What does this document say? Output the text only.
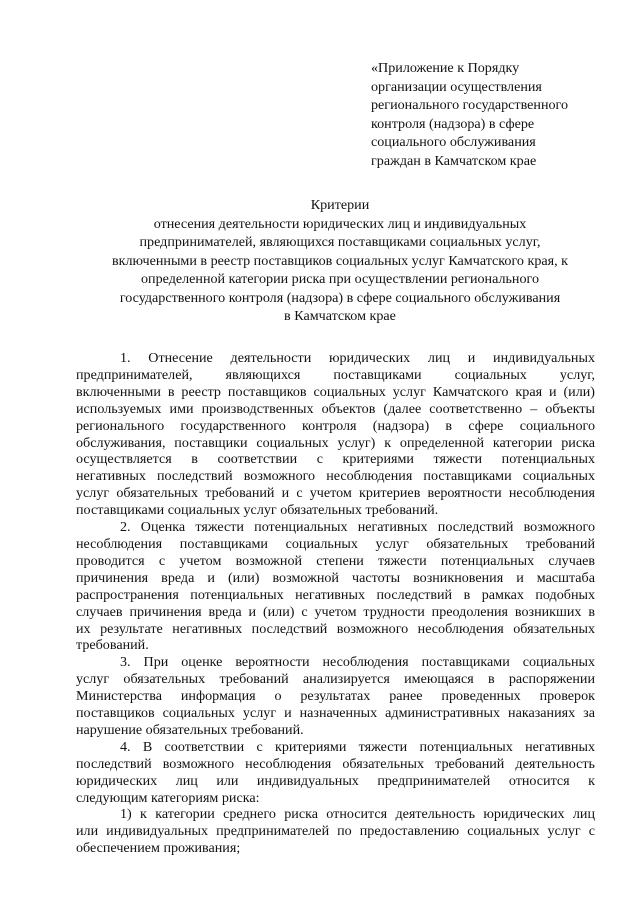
«Приложение к Порядку
организации осуществления
регионального государственного
контроля (надзора) в сфере
социального обслуживания
граждан в Камчатском крае
Критерии
отнесения деятельности юридических лиц и индивидуальных
предпринимателей, являющихся поставщиками социальных услуг,
включенными в реестр поставщиков социальных услуг Камчатского края, к
определенной категории риска при осуществлении регионального
государственного контроля (надзора) в сфере социального обслуживания
в Камчатском крае
1. Отнесение деятельности юридических лиц и индивидуальных
предпринимателей, являющихся поставщиками социальных услуг,
включенными в реестр поставщиков социальных услуг Камчатского края и (или)
используемых ими производственных объектов (далее соответственно – объекты
регионального государственного контроля (надзора) в сфере социального
обслуживания, поставщики социальных услуг) к определенной категории риска
осуществляется в соответствии с критериями тяжести потенциальных
негативных последствий возможного несоблюдения поставщиками социальных
услуг обязательных требований и с учетом критериев вероятности несоблюдения
поставщиками социальных услуг обязательных требований.
2. Оценка тяжести потенциальных негативных последствий возможного
несоблюдения поставщиками социальных услуг обязательных требований
проводится с учетом возможной степени тяжести потенциальных случаев
причинения вреда и (или) возможной частоты возникновения и масштаба
распространения потенциальных негативных последствий в рамках подобных
случаев причинения вреда и (или) с учетом трудности преодоления возникших в
их результате негативных последствий возможного несоблюдения обязательных
требований.
3. При оценке вероятности несоблюдения поставщиками социальных
услуг обязательных требований анализируется имеющаяся в распоряжении
Министерства информация о результатах ранее проведенных проверок
поставщиков социальных услуг и назначенных административных наказаниях за
нарушение обязательных требований.
4. В соответствии с критериями тяжести потенциальных негативных
последствий возможного несоблюдения обязательных требований деятельность
юридических лиц или индивидуальных предпринимателей относится к
следующим категориям риска:
1) к категории среднего риска относится деятельность юридических лиц
или индивидуальных предпринимателей по предоставлению социальных услуг с
обеспечением проживания;
